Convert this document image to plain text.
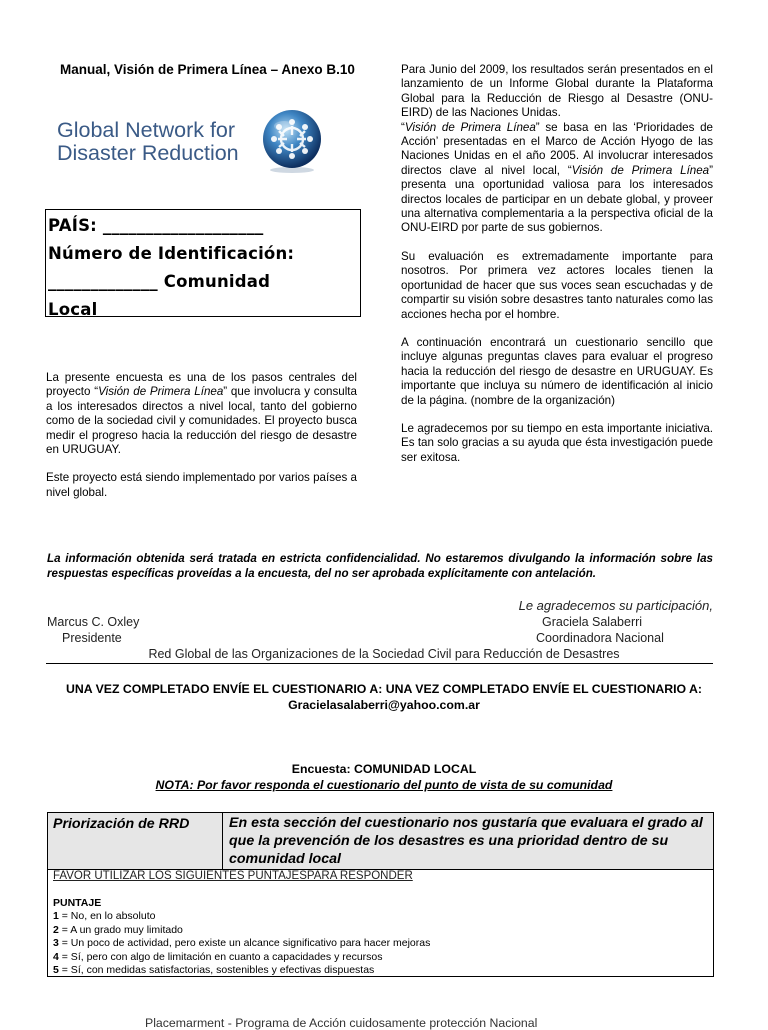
Manual, Visión de Primera Línea – Anexo B.10
Global Network for
Disaster Reduction
PAÍS: ___________________
Número de Identificación:
_____________ Comunidad
Local

La presente encuesta es una de los pasos centrales del proyecto “Visión de Primera Línea” que involucra y consulta a los interesados directos a nivel local, tanto del gobierno como de la sociedad civil y comunidades. El proyecto busca medir el progreso hacia la reducción del riesgo de desastre en URUGUAY.

Este proyecto está siendo implementado por varios países a nivel global.

Para Junio del 2009, los resultados serán presentados en el lanzamiento de un Informe Global durante la Plataforma Global para la Reducción de Riesgo al Desastre (ONU-EIRD) de las Naciones Unidas.

“Visión de Primera Línea” se basa en las ‘Prioridades de Acción’ presentadas en el Marco de Acción Hyogo de las Naciones Unidas en el año 2005. Al involucrar interesados directos clave al nivel local, “Visión de Primera Línea” presenta una oportunidad valiosa para los interesados directos locales de participar en un debate global, y proveer una alternativa complementaria a la perspectiva oficial de la ONU-EIRD por parte de sus gobiernos.

Su evaluación es extremadamente importante para nosotros. Por primera vez actores locales tienen la oportunidad de hacer que sus voces sean escuchadas y de compartir su visión sobre desastres tanto naturales como las acciones hecha por el hombre.

A continuación encontrará un cuestionario sencillo que incluye algunas preguntas claves para evaluar el progreso hacia la reducción del riesgo de desastre en URUGUAY. Es importante que incluya su número de identificación al inicio de la página. (nombre de la organización)

Le agradecemos por su tiempo en esta importante iniciativa. Es tan solo gracias a su ayuda que ésta investigación puede ser exitosa.

La información obtenida será tratada en estricta confidencialidad. No estaremos divulgando la información sobre las respuestas específicas proveídas a la encuesta, del no ser aprobada explícitamente con antelación.
Le agradecemos su participación,
Marcus C. Oxley	Graciela Salaberri
Presidente	Coordinadora Nacional
Red Global de las Organizaciones de la Sociedad Civil para Reducción de Desastres
UNA VEZ COMPLETADO ENVÍE EL CUESTIONARIO A: UNA VEZ COMPLETADO ENVÍE EL CUESTIONARIO A: Gracielasalaberri@yahoo.com.ar
Encuesta: COMUNIDAD LOCAL
NOTA: Por favor responda el cuestionario del punto de vista de su comunidad
Priorización de RRD	En esta sección del cuestionario nos gustaría que evaluara el grado al que la prevención de los desastres es una prioridad dentro de su comunidad local
FAVOR UTILIZAR LOS SIGUIENTES PUNTAJESPARA RESPONDER
PUNTAJE
1 = No, en lo absoluto
2 = A un grado muy limitado
3 = Un poco de actividad, pero existe un alcance significativo para hacer mejoras
4 = Sí, pero con algo de limitación en cuanto a capacidades y recursos
5 = Sí, con medidas satisfactorias, sostenibles y efectivas dispuestas
Placemarment - Programa de Acción cuidosamente protección Nacional
